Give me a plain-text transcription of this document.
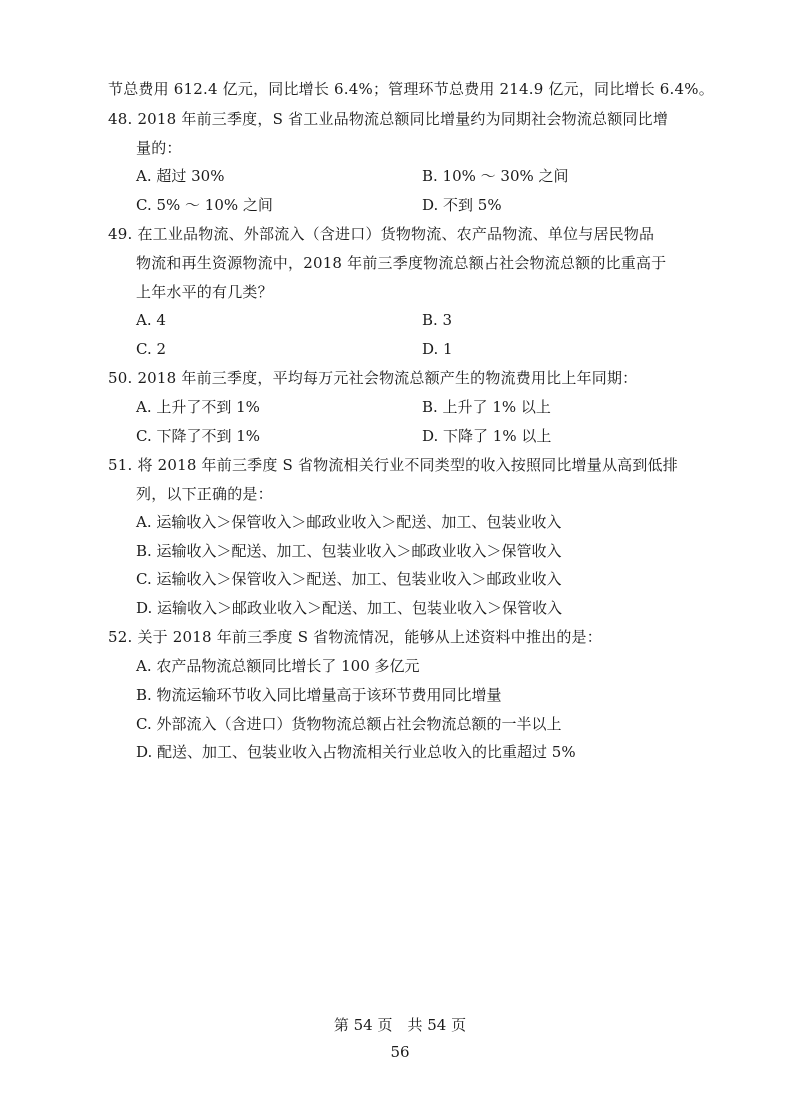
节总费用 612.4 亿元，同比增长 6.4%；管理环节总费用 214.9 亿元，同比增长 6.4%。
48. 2018 年前三季度，S 省工业品物流总额同比增量约为同期社会物流总额同比增
量的：
A. 超过 30%	B. 10% ～ 30% 之间
C. 5% ～ 10% 之间	D. 不到 5%
49. 在工业品物流、外部流入（含进口）货物物流、农产品物流、单位与居民物品
物流和再生资源物流中，2018 年前三季度物流总额占社会物流总额的比重高于
上年水平的有几类？
A. 4	B. 3
C. 2	D. 1
50. 2018 年前三季度，平均每万元社会物流总额产生的物流费用比上年同期：
A. 上升了不到 1%	B. 上升了 1% 以上
C. 下降了不到 1%	D. 下降了 1% 以上
51. 将 2018 年前三季度 S 省物流相关行业不同类型的收入按照同比增量从高到低排
列，以下正确的是：
A. 运输收入＞保管收入＞邮政业收入＞配送、加工、包装业收入
B. 运输收入＞配送、加工、包装业收入＞邮政业收入＞保管收入
C. 运输收入＞保管收入＞配送、加工、包装业收入＞邮政业收入
D. 运输收入＞邮政业收入＞配送、加工、包装业收入＞保管收入
52. 关于 2018 年前三季度 S 省物流情况，能够从上述资料中推出的是：
A. 农产品物流总额同比增长了 100 多亿元
B. 物流运输环节收入同比增量高于该环节费用同比增量
C. 外部流入（含进口）货物物流总额占社会物流总额的一半以上
D. 配送、加工、包装业收入占物流相关行业总收入的比重超过 5%
第 54 页　共 54 页
56
